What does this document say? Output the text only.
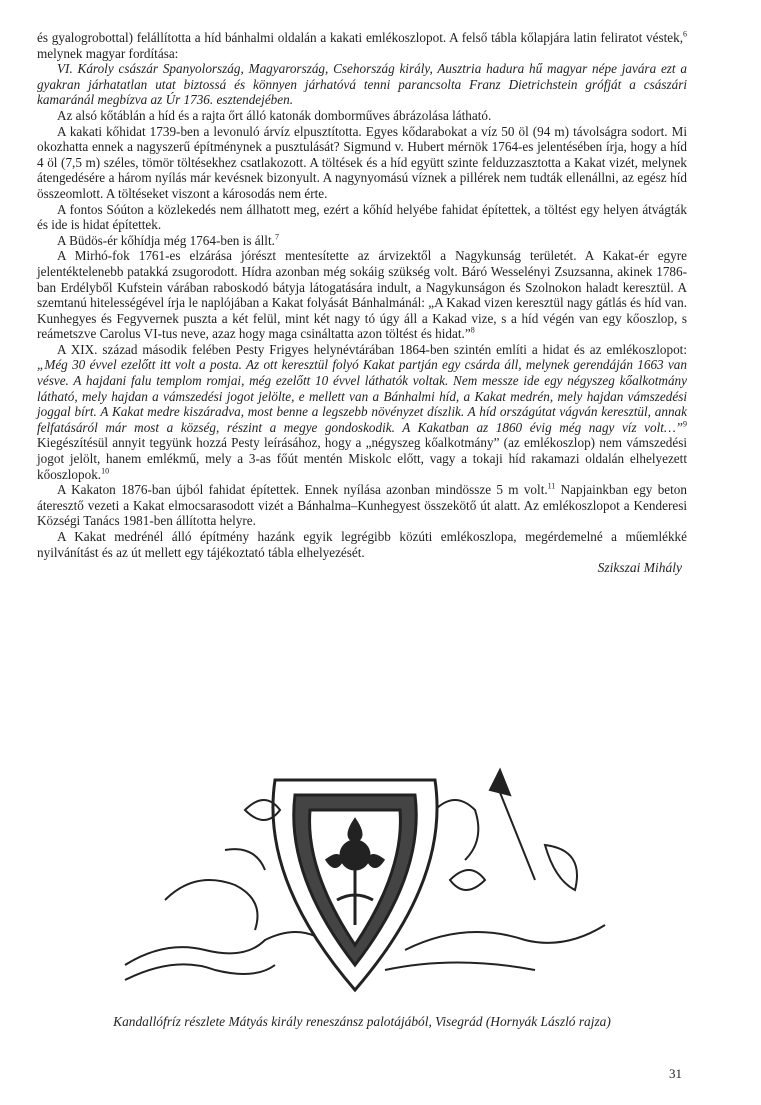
és gyalogrobottal) felállította a híd bánhalmi oldalán a kakati emlékoszlopot. A felső tábla kőlapjára latin feliratot véstek,$^6$ melynek magyar fordítása:

VI. Károly császár Spanyolország, Magyarország, Csehország király, Ausztria hadura hű magyar népe javára ezt a gyakran járhatatlan utat biztossá és könnyen járhatóvá tenni parancsolta Franz Dietrichstein grófját a császári kamaránál megbízva az Úr 1736. esztendejében.

Az alsó kőtáblán a híd és a rajta őrt álló katonák domborműves ábrázolása látható.

A kakati kőhidat 1739-ben a levonuló árvíz elpusztította. Egyes kődarabokat a víz 50 öl (94 m) távolságra sodort. Mi okozhatta ennek a nagyszerű építménynek a pusztulását? Sigmund v. Hubert mérnök 1764-es jelentésében írja, hogy a híd 4 öl (7,5 m) széles, tömör töltésekhez csatlakozott. A töltések és a híd együtt szinte felduzzasztotta a Kakat vizét, melynek átengedésére a három nyílás már kevésnek bizonyult. A nagynyomású víznek a pillérek nem tudták ellenállni, az egész híd összeomlott. A töltéseket viszont a károsodás nem érte.

A fontos Sóúton a közlekedés nem állhatott meg, ezért a kőhíd helyébe fahidat építettek, a töltést egy helyen átvágták és ide is hidat építettek.

A Büdös-ér kőhídja még 1764-ben is állt.$^7$

A Mirhó-fok 1761-es elzárása jórészt mentesítette az árvizektől a Nagykunság területét. A Kakat-ér egyre jelentéktelenebb patakká zsugorodott. Hídra azonban még sokáig szükség volt. Báró Wesselényi Zsuzsanna, akinek 1786-ban Erdélyből Kufstein várában raboskodó bátyja látogatására indult, a Nagykunságon és Szolnokon haladt keresztül. A szemtanú hitelességével írja le naplójában a Kakat folyását Bánhalmánál: „A Kakad vizen keresztül nagy gátlás és híd van. Kunhegyes és Fegyvernek puszta a két felül, mint két nagy tó úgy áll a Kakad vize, s a híd végén van egy kőoszlop, s reámetszve Carolus VI-tus neve, azaz hogy maga csináltatta azon töltést és hidat.”$^8$

A XIX. század második felében Pesty Frigyes helynévtárában 1864-ben szintén említi a hidat és az emlékoszlopot: „Még 30 évvel ezelőtt itt volt a posta. Az ott keresztül folyó Kakat partján egy csárda áll, melynek gerendáján 1663 van vésve. A hajdani falu templom romjai, még ezelőtt 10 évvel láthatók voltak. Nem messze ide egy négyszeg kőalkotmány látható, mely hajdan a vámszedési jogot jelölte, e mellett van a Bánhalmi híd, a Kakat medrén, mely hajdan vámszedési joggal bírt. A Kakat medre kiszáradva, most benne a legszebb növényzet díszlik. A híd országútat vágván keresztül, annak felfatásáról már most a község, részint a megye gondoskodik. A Kakatban az 1860 évig még nagy víz volt…”$^9$ Kiegészítésül annyit tegyünk hozzá Pesty leírásához, hogy a „négyszeg kőalkotmány” (az emlékoszlop) nem vámszedési jogot jelölt, hanem emlékmű, mely a 3-as főút mentén Miskolc előtt, vagy a tokaji híd rakamazi oldalán elhelyezett kőoszlopok.$^{10}$

A Kakaton 1876-ban újból fahidat építettek. Ennek nyílása azonban mindössze 5 m volt.$^{11}$ Napjainkban egy beton áteresztő vezeti a Kakat elmocsarasodott vizét a Bánhalma–Kunhegyest összekötő út alatt. Az emlékoszlopot a Kenderesi Községi Tanács 1981-ben állította helyre.

A Kakat medrénél álló építmény hazánk egyik legrégibb közúti emlékoszlopa, megérdemelné a műemlékké nyilvánítást és az út mellett egy tájékoztató tábla elhelyezését.

Szikszai Mihály

Kandallófríz részlete Mátyás király reneszánsz palotájából, Visegrád (Hornyák László rajza)
31
